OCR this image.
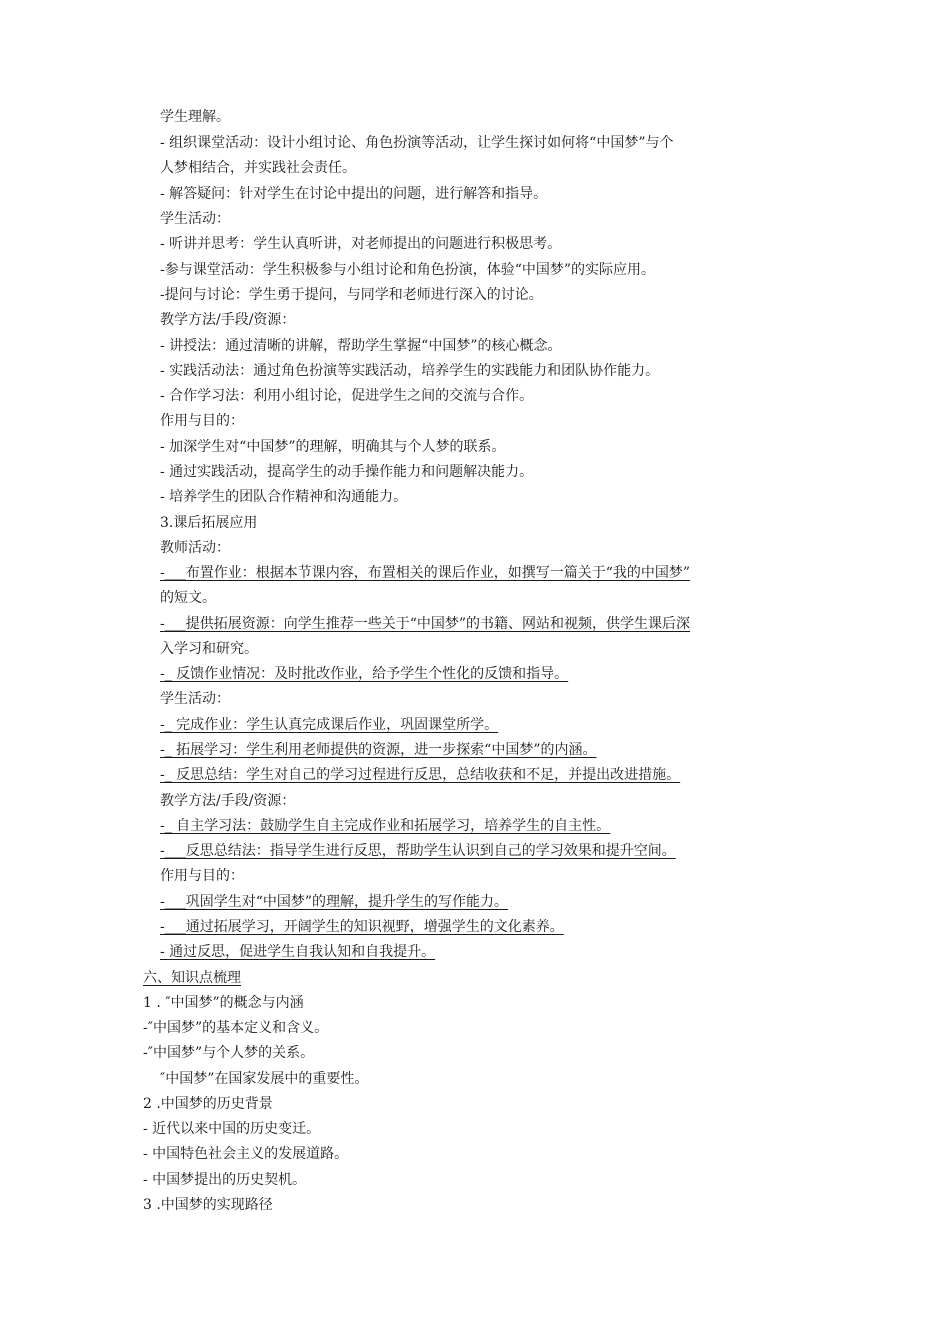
学生理解。
- 组织课堂活动：设计小组讨论、角色扮演等活动，让学生探讨如何将“中国梦”与个
人梦相结合，并实践社会责任。
- 解答疑问：针对学生在讨论中提出的问题，进行解答和指导。
学生活动：
- 听讲并思考：学生认真听讲，对老师提出的问题进行积极思考。
-参与课堂活动：学生积极参与小组讨论和角色扮演，体验“中国梦”的实际应用。
-提问与讨论：学生勇于提问，与同学和老师进行深入的讨论。
教学方法/手段/资源：
- 讲授法：通过清晰的讲解，帮助学生掌握“中国梦”的核心概念。
- 实践活动法：通过角色扮演等实践活动，培养学生的实践能力和团队协作能力。
- 合作学习法：利用小组讨论，促进学生之间的交流与合作。
作用与目的：
- 加深学生对“中国梦”的理解，明确其与个人梦的联系。
- 通过实践活动，提高学生的动手操作能力和问题解决能力。
- 培养学生的团队合作精神和沟通能力。
3.课后拓展应用
教师活动：
-___布置作业：根据本节课内容，布置相关的课后作业，如撰写一篇关于“我的中国梦”
的短文。
-___提供拓展资源：向学生推荐一些关于“中国梦”的书籍、网站和视频，供学生课后深
入学习和研究。
-_ 反馈作业情况：及时批改作业，给予学生个性化的反馈和指导。
学生活动：
-_ 完成作业：学生认真完成课后作业，巩固课堂所学。
-_ 拓展学习：学生利用老师提供的资源，进一步探索“中国梦”的内涵。
-_ 反思总结：学生对自己的学习过程进行反思，总结收获和不足，并提出改进措施。
教学方法/手段/资源：
-_ 自主学习法：鼓励学生自主完成作业和拓展学习，培养学生的自主性。
-___反思总结法：指导学生进行反思，帮助学生认识到自己的学习效果和提升空间。
作用与目的：
-___巩固学生对“中国梦”的理解，提升学生的写作能力。
-___通过拓展学习，开阔学生的知识视野，增强学生的文化素养。
- 通过反思，促进学生自我认知和自我提升。
六、知识点梳理
1 . ″中国梦”的概念与内涵
-″中国梦”的基本定义和含义。
-″中国梦”与个人梦的关系。
″中国梦”在国家发展中的重要性。
2 .中国梦的历史背景
- 近代以来中国的历史变迁。
- 中国特色社会主义的发展道路。
- 中国梦提出的历史契机。
3 .中国梦的实现路径
